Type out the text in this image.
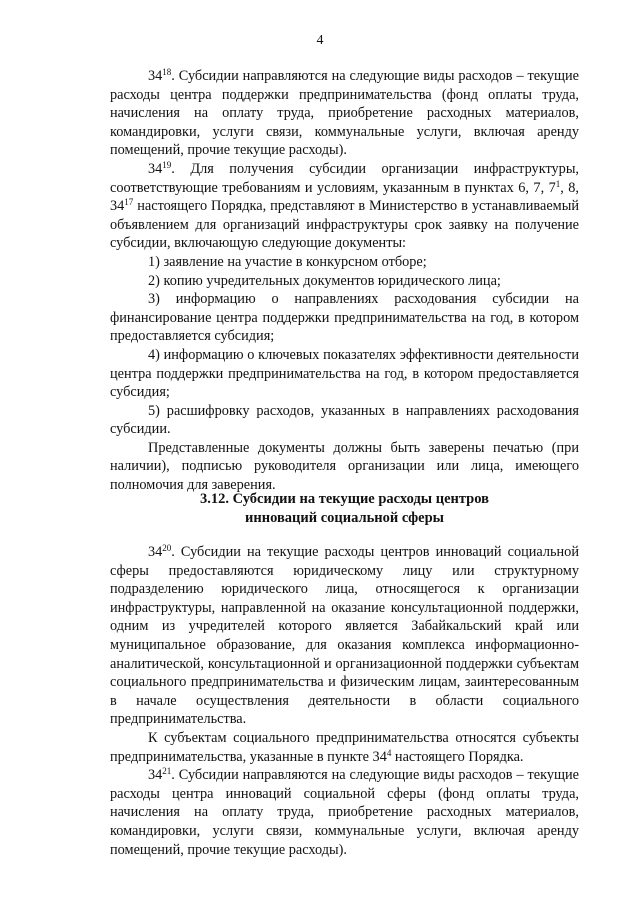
4

$34^{18}$. Субсидии направляются на следующие виды расходов – текущие расходы центра поддержки предпринимательства (фонд оплаты труда, начисления на оплату труда, приобретение расходных материалов, командировки, услуги связи, коммунальные услуги, включая аренду помещений, прочие текущие расходы).

$34^{19}$. Для получения субсидии организации инфраструктуры, соответствующие требованиям и условиям, указанным в пунктах 6, 7, $7^1$, 8, $34^{17}$ настоящего Порядка, представляют в Министерство в устанавливаемый объявлением для организаций инфраструктуры срок заявку на получение субсидии, включающую следующие документы:

1) заявление на участие в конкурсном отборе;

2) копию учредительных документов юридического лица;

3) информацию о направлениях расходования субсидии на финансирование центра поддержки предпринимательства на год, в котором предоставляется субсидия;

4) информацию о ключевых показателях эффективности деятельности центра поддержки предпринимательства на год, в котором предоставляется субсидия;

5) расшифровку расходов, указанных в направлениях расходования субсидии.

Представленные документы должны быть заверены печатью (при наличии), подписью руководителя организации или лица, имеющего полномочия для заверения.

3.12. Субсидии на текущие расходы центров
инноваций социальной сферы

$34^{20}$. Субсидии на текущие расходы центров инноваций социальной сферы предоставляются юридическому лицу или структурному подразделению юридического лица, относящегося к организации инфраструктуры, направленной на оказание консультационной поддержки, одним из учредителей которого является Забайкальский край или муниципальное образование, для оказания комплекса информационно-аналитической, консультационной и организационной поддержки субъектам социального предпринимательства и физическим лицам, заинтересованным в начале осуществления деятельности в области социального предпринимательства.

К субъектам социального предпринимательства относятся субъекты предпринимательства, указанные в пункте $34^4$ настоящего Порядка.

$34^{21}$. Субсидии направляются на следующие виды расходов – текущие расходы центра инноваций социальной сферы (фонд оплаты труда, начисления на оплату труда, приобретение расходных материалов, командировки, услуги связи, коммунальные услуги, включая аренду помещений, прочие текущие расходы).
